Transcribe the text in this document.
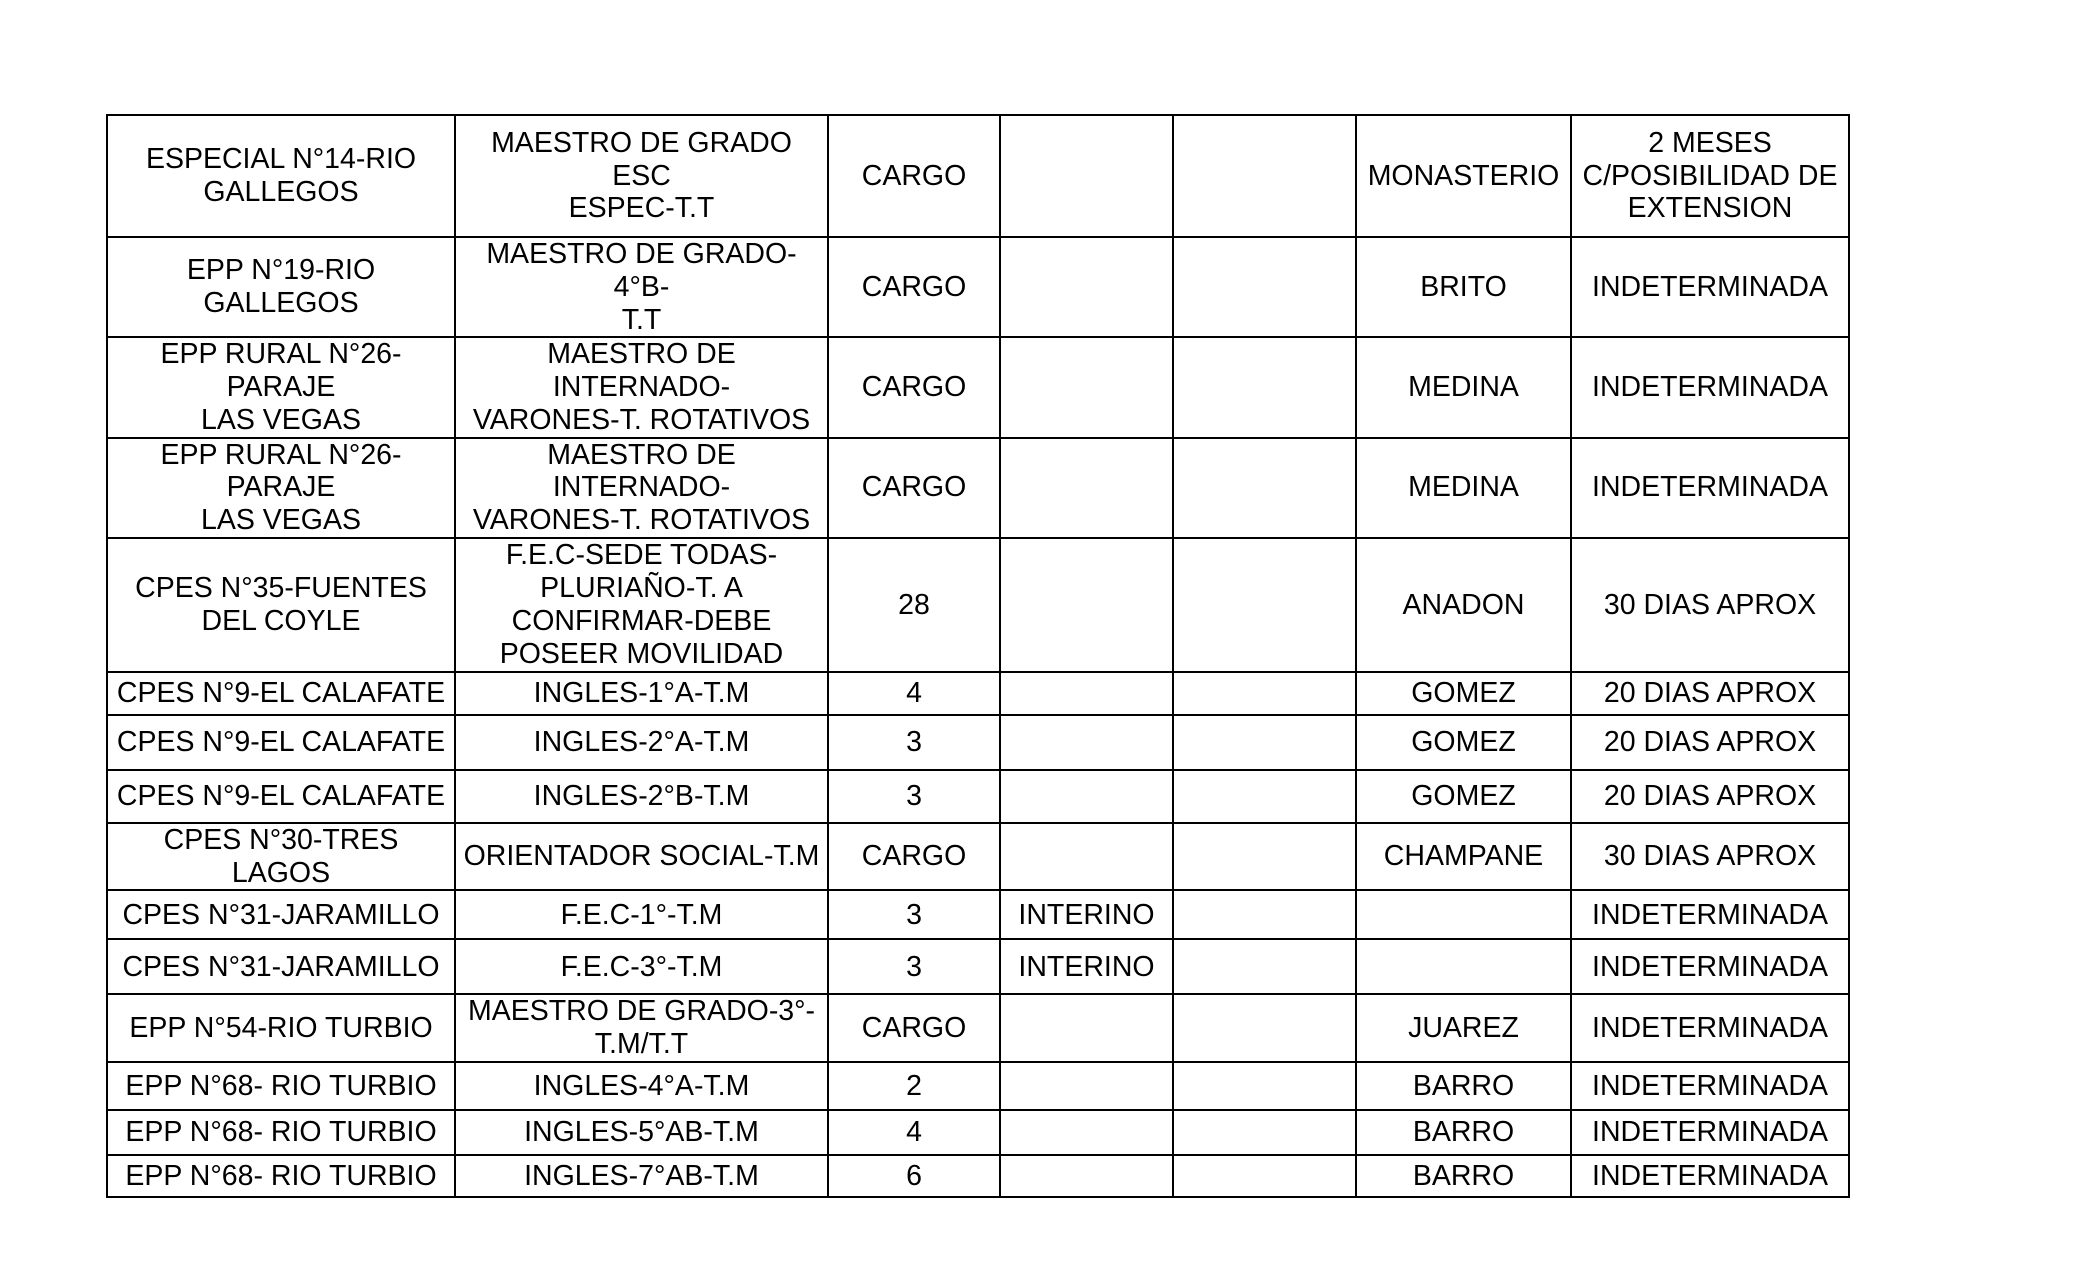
ESPECIAL N°14-RIO
GALLEGOS	MAESTRO DE GRADO ESC
ESPEC-T.T	CARGO			MONASTERIO	2 MESES
C/POSIBILIDAD DE
EXTENSION
EPP N°19-RIO GALLEGOS	MAESTRO DE GRADO-4°B-
T.T	CARGO			BRITO	INDETERMINADA
EPP RURAL N°26-PARAJE
LAS VEGAS	MAESTRO DE INTERNADO-
VARONES-T. ROTATIVOS	CARGO			MEDINA	INDETERMINADA
EPP RURAL N°26-PARAJE
LAS VEGAS	MAESTRO DE INTERNADO-
VARONES-T. ROTATIVOS	CARGO			MEDINA	INDETERMINADA
CPES N°35-FUENTES
DEL COYLE	F.E.C-SEDE TODAS-
PLURIAÑO-T. A
CONFIRMAR-DEBE
POSEER MOVILIDAD	28			ANADON	30 DIAS APROX
CPES N°9-EL CALAFATE	INGLES-1°A-T.M	4			GOMEZ	20 DIAS APROX
CPES N°9-EL CALAFATE	INGLES-2°A-T.M	3			GOMEZ	20 DIAS APROX
CPES N°9-EL CALAFATE	INGLES-2°B-T.M	3			GOMEZ	20 DIAS APROX
CPES N°30-TRES LAGOS	ORIENTADOR SOCIAL-T.M	CARGO			CHAMPANE	30 DIAS APROX
CPES N°31-JARAMILLO	F.E.C-1°-T.M	3	INTERINO			INDETERMINADA
CPES N°31-JARAMILLO	F.E.C-3°-T.M	3	INTERINO			INDETERMINADA
EPP N°54-RIO TURBIO	MAESTRO DE GRADO-3°-
T.M/T.T	CARGO			JUAREZ	INDETERMINADA
EPP N°68- RIO TURBIO	INGLES-4°A-T.M	2			BARRO	INDETERMINADA
EPP N°68- RIO TURBIO	INGLES-5°AB-T.M	4			BARRO	INDETERMINADA
EPP N°68- RIO TURBIO	INGLES-7°AB-T.M	6			BARRO	INDETERMINADA
